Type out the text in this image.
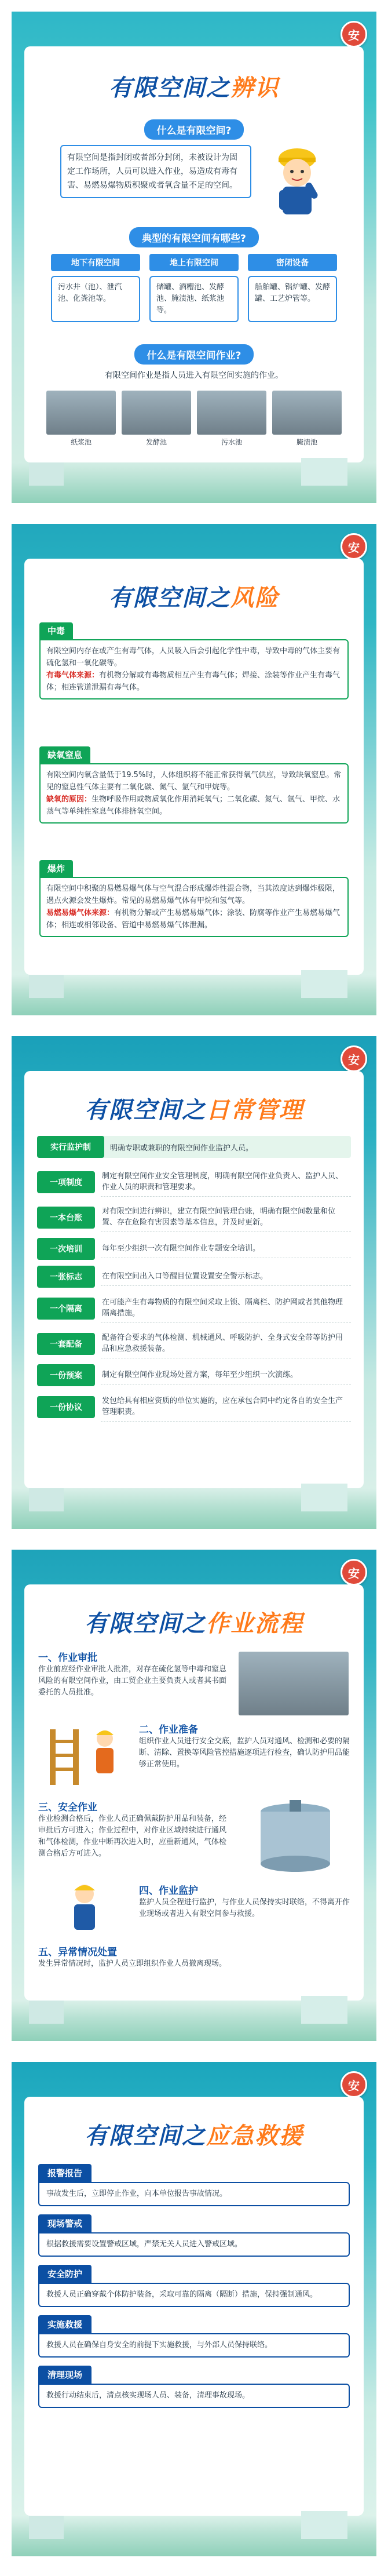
安
有限空间之辨识
什么是有限空间?
有限空间是指封闭或者部分封闭，未被设计为固定工作场所，人员可以进入作业，易造成有毒有害、易燃易爆物质积聚或者氧含量不足的空间。
典型的有限空间有哪些?
地下有限空间
污水井（池）、泄汽池、化粪池等。
地上有限空间
储罐、酒糟池、发酵池、腌渍池、纸浆池等。
密闭设备
船舶罐、锅炉罐、发酵罐、工艺炉管等。
什么是有限空间作业?
有限空间作业是指人员进入有限空间实施的作业。
纸浆池	发酵池	污水池	腌渍池
安
有限空间之风险
中毒
有限空间内存在或产生有毒气体，人员吸入后会引起化学性中毒，导致中毒的气体主要有硫化氢和一氧化碳等。
有毒气体来源：有机物分解或有毒物质相互产生有毒气体；焊接、涂装等作业产生有毒气体；相连管道泄漏有毒气体。
缺氧窒息
有限空间内氧含量低于19.5%时，人体组织将不能正常获得氧气供应，导致缺氧窒息。常见的窒息性气体主要有二氧化碳、氮气、氩气和甲烷等。
缺氧的原因：生物呼吸作用或物质氧化作用消耗氧气；二氧化碳、氮气、氩气、甲烷、水蒸气等单纯性窒息气体排挤氧空间。
爆炸
有限空间中积聚的易燃易爆气体与空气混合形成爆炸性混合物，当其浓度达到爆炸极限，遇点火源会发生爆炸。常见的易燃易爆气体有甲烷和氢气等。
易燃易爆气体来源：有机物分解或产生易燃易爆气体；涂装、防腐等作业产生易燃易爆气体；相连或相邻设备、管道中易燃易爆气体泄漏。
安
有限空间之日常管理
实行监护制	明确专职或兼职的有限空间作业监护人员。
一项制度
制定有限空间作业安全管理制度，明确有限空间作业负责人、监护人员、作业人员的职责和管理要求。
一本台账
对有限空间进行辨识，建立有限空间管理台账，明确有限空间数量和位置、存在危险有害因素等基本信息，并及时更新。
一次培训	每年至少组织一次有限空间作业专题安全培训。
一张标志	在有限空间出入口等醒目位置设置安全警示标志。
一个隔离
在可能产生有毒物质的有限空间采取上锁、隔离栏、防护网或者其他物理隔离措施。
一套配备
配备符合要求的气体检测、机械通风、呼吸防护、全身式安全带等防护用品和应急救援装备。
一份预案	制定有限空间作业现场处置方案，每年至少组织一次演练。
一份协议
发包给具有相应资质的单位实施的，应在承包合同中约定各自的安全生产管理职责。
安
有限空间之作业流程
一、作业审批
作业前应经作业审批人批准，对存在硫化氢等中毒和窒息风险的有限空间作业，由工贸企业主要负责人或者其书面委托的人员批准。
二、作业准备
组织作业人员进行安全交底，监护人员对通风、检测和必要的隔断、清除、置换等风险管控措施逐项进行检查，确认防护用品能够正常使用。
三、安全作业
作业检测合格后，作业人员正确佩戴防护用品和装备，经审批后方可进入；作业过程中，对作业区域持续进行通风和气体检测，作业中断再次进入时，应重新通风，气体检测合格后方可进入。
四、作业监护
监护人员全程进行监护，与作业人员保持实时联络，不得离开作业现场或者进入有限空间参与救援。
五、异常情况处置
发生异常情况时，监护人员立即组织作业人员撤离现场。
安
有限空间之应急救援
报警报告
事故发生后，立即停止作业，向本单位报告事故情况。
现场警戒
根据救援需要设置警戒区域，严禁无关人员进入警戒区域。
安全防护
救援人员正确穿戴个体防护装备，采取可靠的隔离（隔断）措施，保持强制通风。
实施救援
救援人员在确保自身安全的前提下实施救援，与外部人员保持联络。
清理现场
救援行动结束后，清点核实现场人员、装备，清理事故现场。
